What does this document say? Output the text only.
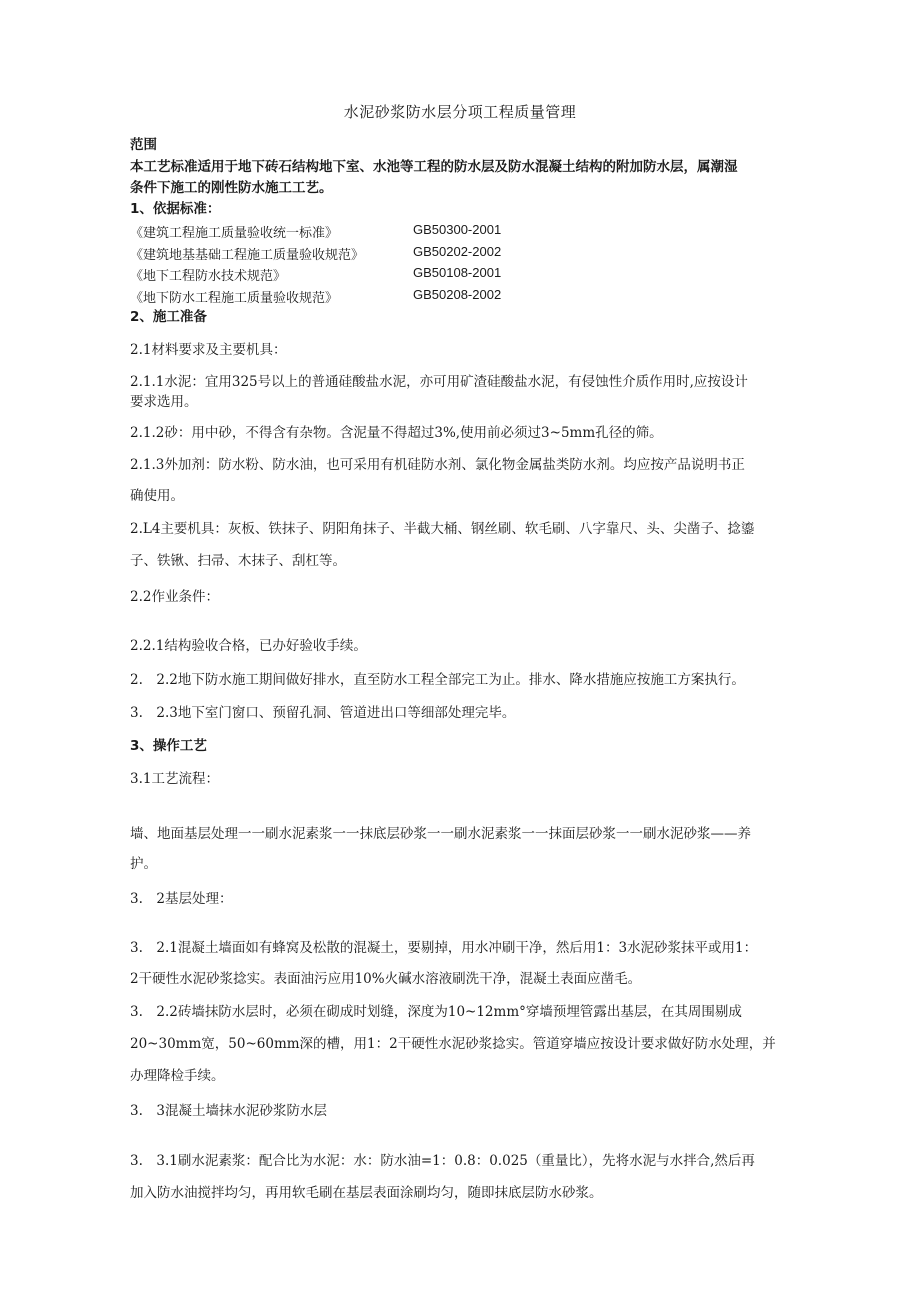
水泥砂浆防水层分项工程质量管理
范围
本工艺标准适用于地下砖石结构地下室、水池等工程的防水层及防水混凝土结构的附加防水层，属潮湿
条件下施工的刚性防水施工工艺。
1、依据标准：
《建筑工程施工质量验收统一标准》	GB50300-2001
《建筑地基基础工程施工质量验收规范》	GB50202-2002
《地下工程防水技术规范》	GB50108-2001
《地下防水工程施工质量验收规范》	GB50208-2002
2、施工准备
2.1材料要求及主要机具：
2.1.1水泥：宜用325号以上的普通硅酸盐水泥，亦可用矿渣硅酸盐水泥，有侵蚀性介质作用时,应按设计
要求选用。
2.1.2砂：用中砂，不得含有杂物。含泥量不得超过3%,使用前必须过3~5mm孔径的筛。
2.1.3外加剂：防水粉、防水油，也可采用有机硅防水剂、氯化物金属盐类防水剂。均应按产品说明书正
确使用。
2.L4主要机具：灰板、铁抹子、阴阳角抹子、半截大桶、钢丝刷、软毛刷、八字靠尺、头、尖凿子、捻鎏
子、铁锹、扫帚、木抹子、刮杠等。
2.2作业条件：
2.2.1结构验收合格，已办好验收手续。
2.　2.2地下防水施工期间做好排水，直至防水工程全部完工为止。排水、降水措施应按施工方案执行。
3.　2.3地下室门窗口、预留孔洞、管道进出口等细部处理完毕。
3、操作工艺
3.1工艺流程：
墙、地面基层处理一一刷水泥素浆一一抹底层砂浆一一刷水泥素浆一一抹面层砂浆一一刷水泥砂浆——养
护。
3.　2基层处理：
3.　2.1混凝土墙面如有蜂窝及松散的混凝土，要剔掉，用水冲刷干净，然后用1：3水泥砂浆抹平或用1：
2干硬性水泥砂浆捻实。表面油污应用10%火碱水溶液刷洗干净，混凝土表面应凿毛。
3.　2.2砖墙抹防水层时，必须在砌成时划缝，深度为10~12mm°穿墙预埋管露出基层，在其周围剔成
20~30mm宽，50~60mm深的槽，用1：2干硬性水泥砂浆捻实。管道穿墙应按设计要求做好防水处理，并
办理降检手续。
3.　3混凝土墙抹水泥砂浆防水层
3.　3.1刷水泥素浆：配合比为水泥：水：防水油=1：0.8：0.025（重量比），先将水泥与水拌合,然后再
加入防水油搅拌均匀，再用软毛刷在基层表面涂刷均匀，随即抹底层防水砂浆。
